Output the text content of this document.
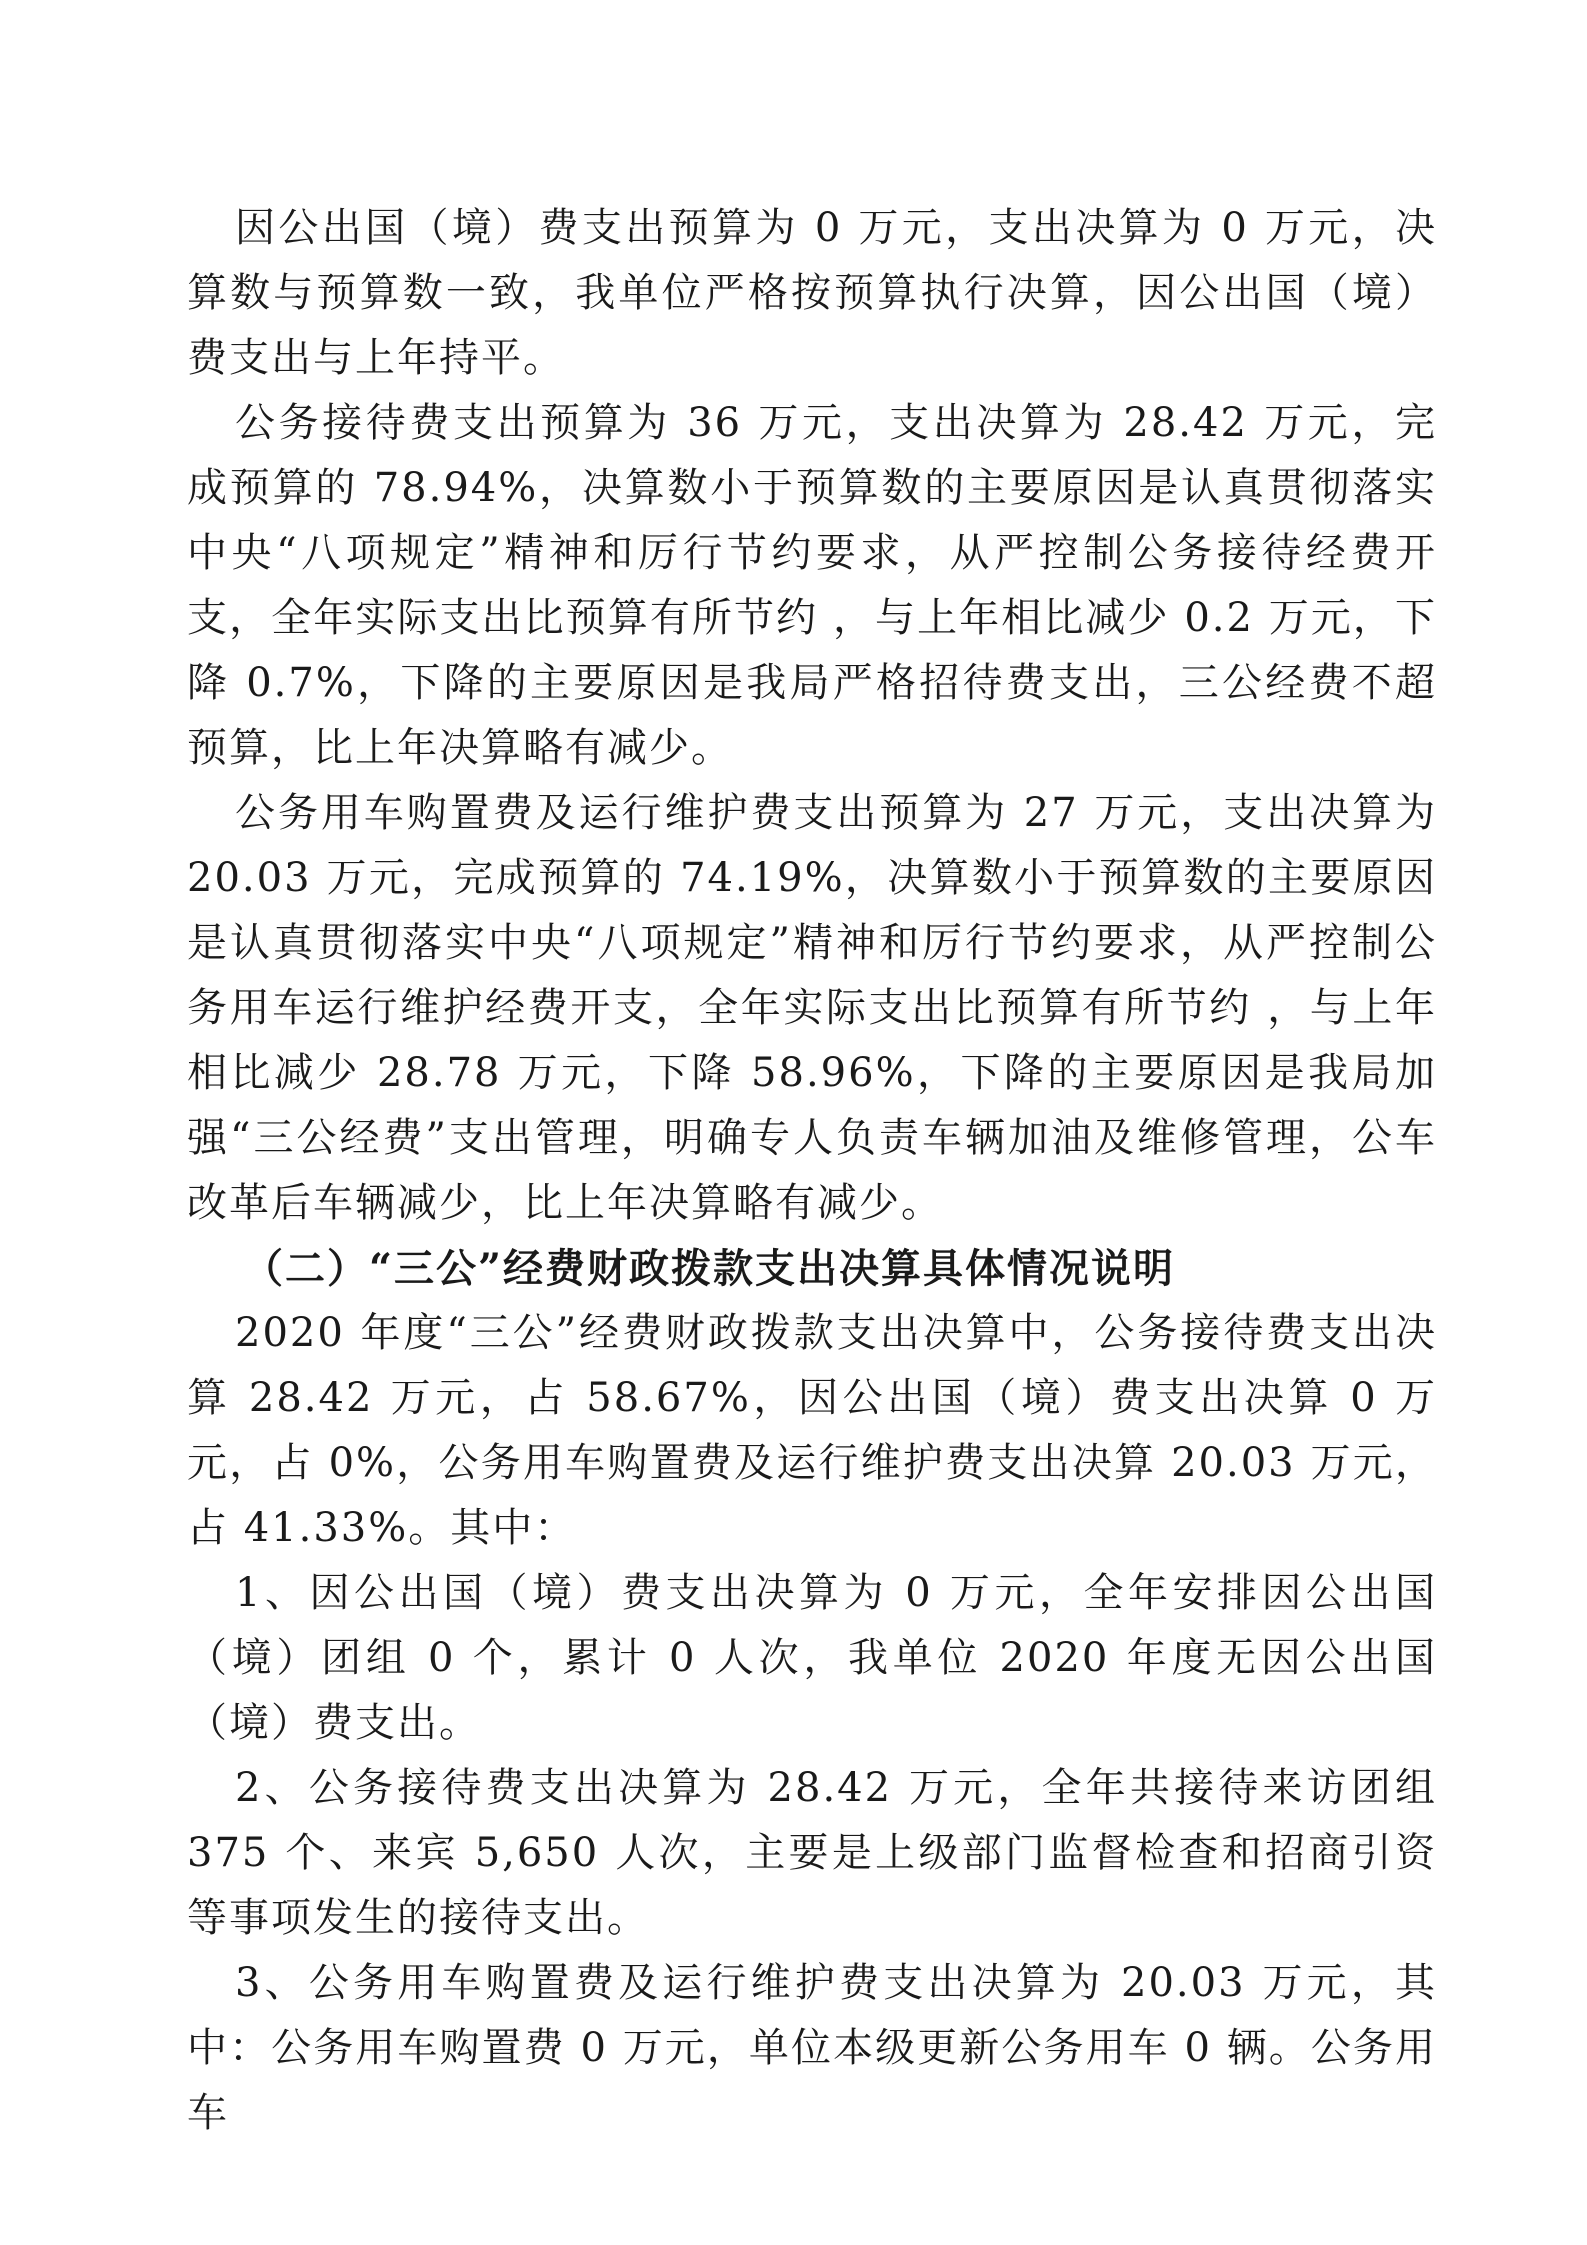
因公出国（境）费支出预算为 0 万元，支出决算为 0 万元，决算数与预算数一致，我单位严格按预算执行决算，因公出国（境）费支出与上年持平。

公务接待费支出预算为 36 万元，支出决算为 28.42 万元，完成预算的 78.94%，决算数小于预算数的主要原因是认真贯彻落实中央“八项规定”精神和厉行节约要求，从严控制公务接待经费开支，全年实际支出比预算有所节约 ，与上年相比减少 0.2 万元，下降 0.7%，下降的主要原因是我局严格招待费支出，三公经费不超预算，比上年决算略有减少。

公务用车购置费及运行维护费支出预算为 27 万元，支出决算为 20.03 万元，完成预算的 74.19%，决算数小于预算数的主要原因是认真贯彻落实中央“八项规定”精神和厉行节约要求，从严控制公务用车运行维护经费开支，全年实际支出比预算有所节约 ，与上年相比减少 28.78 万元，下降 58.96%，下降的主要原因是我局加强“三公经费”支出管理，明确专人负责车辆加油及维修管理，公车改革后车辆减少，比上年决算略有减少。

（二）“三公”经费财政拨款支出决算具体情况说明

2020 年度“三公”经费财政拨款支出决算中，公务接待费支出决算 28.42 万元，占 58.67%，因公出国（境）费支出决算 0 万元，占 0%，公务用车购置费及运行维护费支出决算 20.03 万元，占 41.33%。其中：

1、因公出国（境）费支出决算为 0 万元，全年安排因公出国（境）团组 0 个，累计 0 人次，我单位 2020 年度无因公出国（境）费支出。

2、公务接待费支出决算为 28.42 万元，全年共接待来访团组 375 个、来宾 5,650 人次，主要是上级部门监督检查和招商引资等事项发生的接待支出。

3、公务用车购置费及运行维护费支出决算为 20.03 万元，其中：公务用车购置费 0 万元，单位本级更新公务用车 0 辆。公务用车
